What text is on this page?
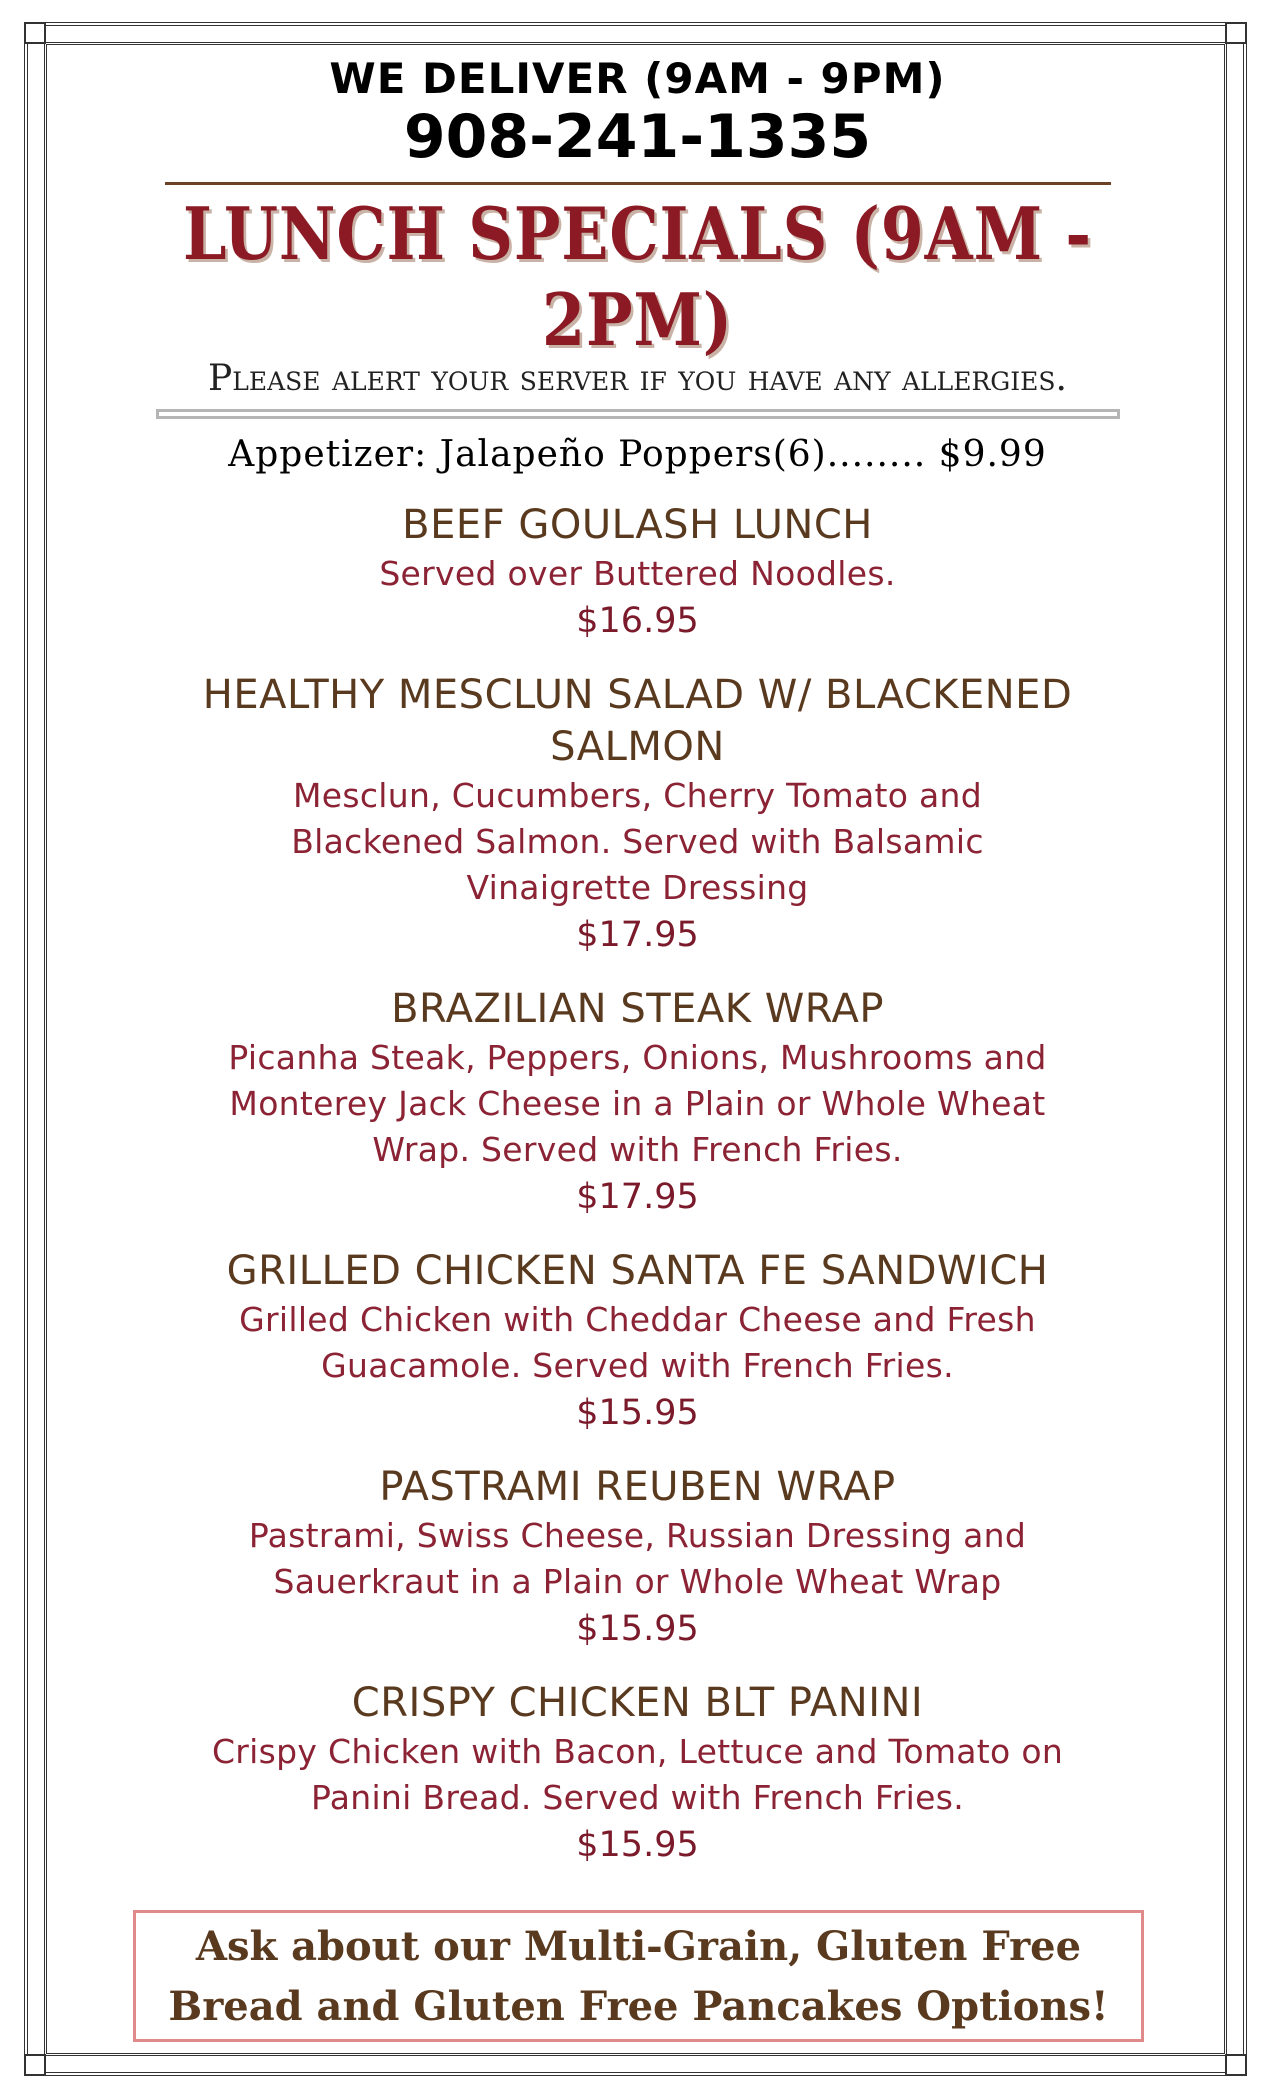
WE DELIVER (9AM - 9PM)
908-241-1335
LUNCH SPECIALS (9AM - 2PM)
Please alert your server if you have any allergies.
Appetizer: Jalapeño Poppers(6)........ $9.99
BEEF GOULASH LUNCH
Served over Buttered Noodles.
$16.95
HEALTHY MESCLUN SALAD W/ BLACKENED SALMON
Mesclun, Cucumbers, Cherry Tomato and Blackened Salmon. Served with Balsamic Vinaigrette Dressing
$17.95
BRAZILIAN STEAK WRAP
Picanha Steak, Peppers, Onions, Mushrooms and Monterey Jack Cheese in a Plain or Whole Wheat Wrap. Served with French Fries.
$17.95
GRILLED CHICKEN SANTA FE SANDWICH
Grilled Chicken with Cheddar Cheese and Fresh Guacamole. Served with French Fries.
$15.95
PASTRAMI REUBEN WRAP
Pastrami, Swiss Cheese, Russian Dressing and Sauerkraut in a Plain or Whole Wheat Wrap
$15.95
CRISPY CHICKEN BLT PANINI
Crispy Chicken with Bacon, Lettuce and Tomato on Panini Bread. Served with French Fries.
$15.95
Ask about our Multi-Grain, Gluten Free Bread and Gluten Free Pancakes Options!
